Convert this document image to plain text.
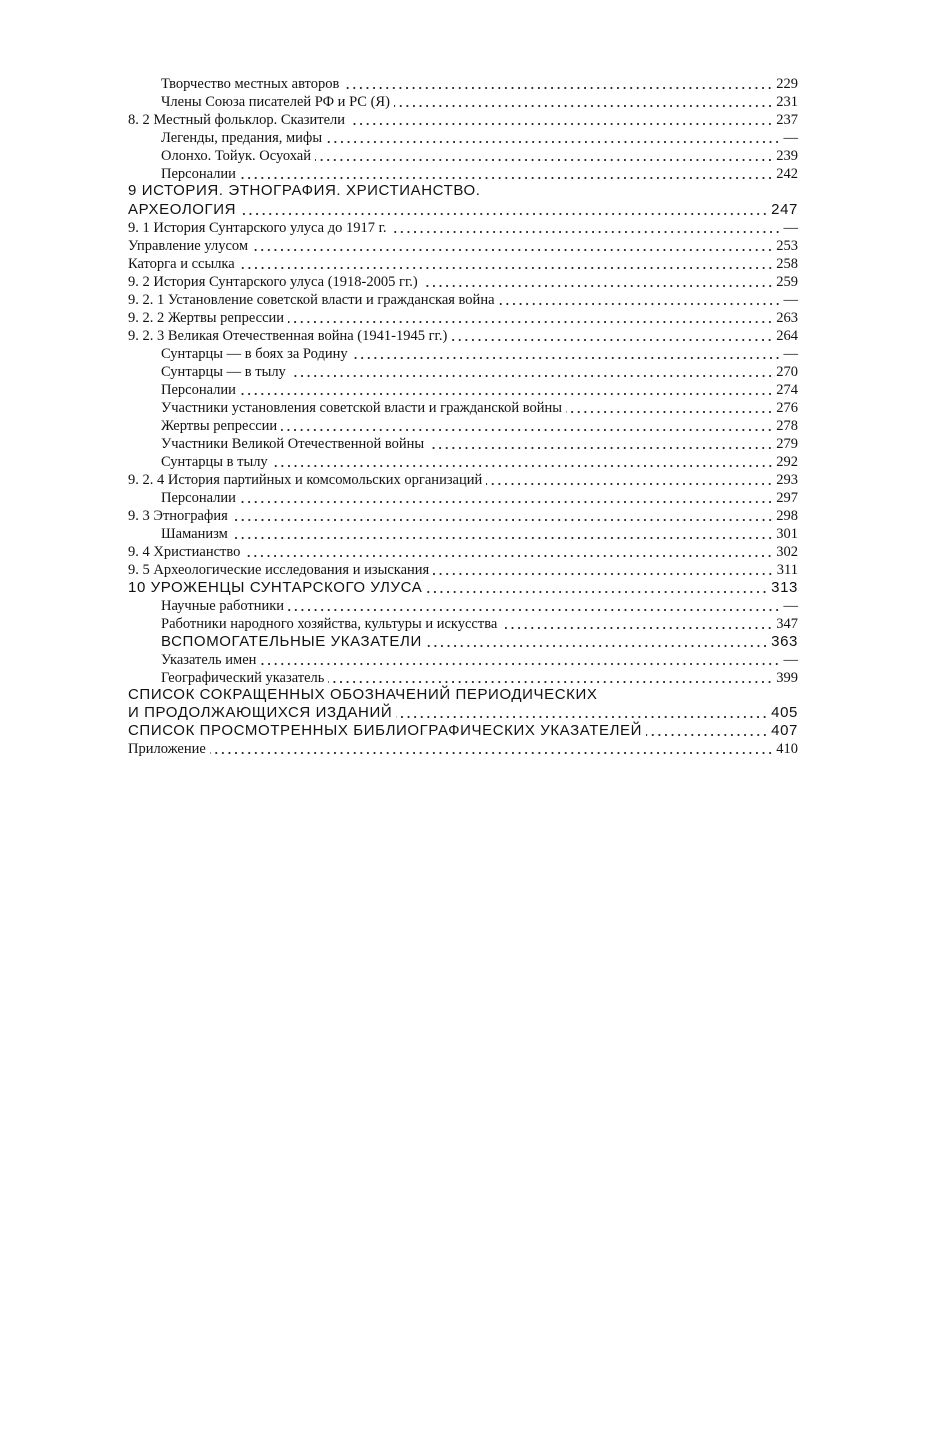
Творчество местных авторов	229
Члены Союза писателей РФ и РС (Я)	231
8. 2 Местный фольклор. Сказители	237
Легенды, предания, мифы	—
Олонхо. Тойук. Осуохай	239
Персоналии	242
9 ИСТОРИЯ. ЭТНОГРАФИЯ. ХРИСТИАНСТВО.
АРХЕОЛОГИЯ	247
9. 1 История Сунтарского улуса до 1917 г.	—
Управление улусом	253
Каторга и ссылка	258
9. 2 История Сунтарского улуса (1918-2005 гг.)	259
9. 2. 1 Установление советской власти и гражданская война	—
9. 2. 2 Жертвы репрессии	263
9. 2. 3 Великая Отечественная война (1941-1945 гг.)	264
Сунтарцы — в боях за Родину	—
Сунтарцы — в тылу	270
Персоналии	274
Участники установления советской власти и гражданской войны	276
Жертвы репрессии	278
Участники Великой Отечественной войны	279
Сунтарцы в тылу	292
9. 2. 4 История партийных и комсомольских организаций	293
Персоналии	297
9. 3 Этнография	298
Шаманизм	301
9. 4 Христианство	302
9. 5 Археологические исследования и изыскания	311
10 УРОЖЕНЦЫ СУНТАРСКОГО УЛУСА	313
Научные работники	—
Работники народного хозяйства, культуры и искусства	347
ВСПОМОГАТЕЛЬНЫЕ УКАЗАТЕЛИ	363
Указатель имен	—
Географический указатель	399
СПИСОК СОКРАЩЕННЫХ ОБОЗНАЧЕНИЙ ПЕРИОДИЧЕСКИХ
И ПРОДОЛЖАЮЩИХСЯ ИЗДАНИЙ	405
СПИСОК ПРОСМОТРЕННЫХ БИБЛИОГРАФИЧЕСКИХ УКАЗАТЕЛЕЙ	407
Приложение	410
